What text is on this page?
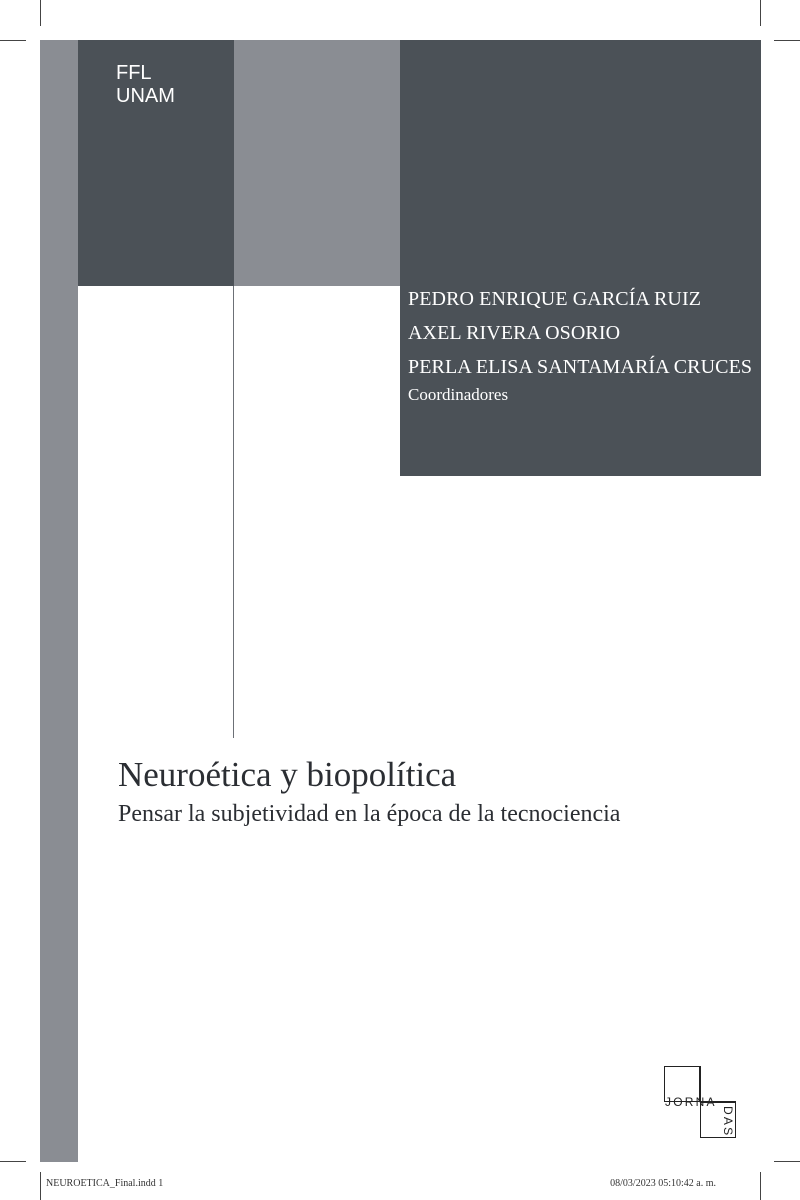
FFL
UNAM
PEDRO ENRIQUE GARCÍA RUIZ
AXEL RIVERA OSORIO
PERLA ELISA SANTAMARÍA CRUCES
Coordinadores
Neuroética y biopolítica
Pensar la subjetividad en la época de la tecnociencia
JORNA
DAS
NEUROETICA_Final.indd 1	08/03/2023 05:10:42 a. m.
